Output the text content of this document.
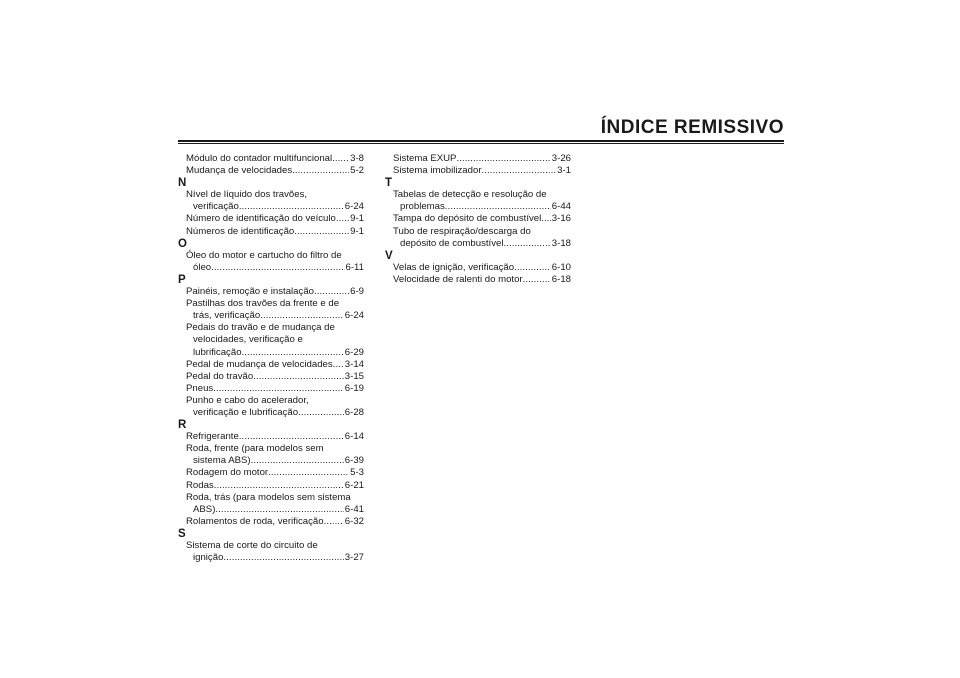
ÍNDICE REMISSIVO
Módulo do contador multifuncional ..... 3-8
Mudança de velocidades .....	5-2
N
Nível de líquido dos travões,
verificação .....	6-24
Número de identificação do veículo ..... 9-1
Números de identificação .....	9-1
O
Óleo do motor e cartucho do filtro de
óleo .....	6-11
P
Painéis, remoção e instalação .....	6-9
Pastilhas dos travões da frente e de
trás, verificação .....	6-24
Pedais do travão e de mudança de
velocidades, verificação e
lubrificação .....	6-29
Pedal de mudança de velocidades ..... 3-14
Pedal do travão .....	3-15
Pneus .....	6-19
Punho e cabo do acelerador,
verificação e lubrificação .....	6-28
R
Refrigerante .....	6-14
Roda, frente (para modelos sem
sistema ABS) .....	6-39
Rodagem do motor .....	5-3
Rodas .....	6-21
Roda, trás (para modelos sem sistema
ABS) .....	6-41
Rolamentos de roda, verificação ..... 6-32
S
Sistema de corte do circuito de
ignição .....	3-27
Sistema EXUP .....	3-26
Sistema imobilizador .....	3-1
T
Tabelas de detecção e resolução de
problemas .....	6-44
Tampa do depósito de combustível ..... 3-16
Tubo de respiração/descarga do
depósito de combustível .....	3-18
V
Velas de ignição, verificação .....	6-10
Velocidade de ralenti do motor .....	6-18
